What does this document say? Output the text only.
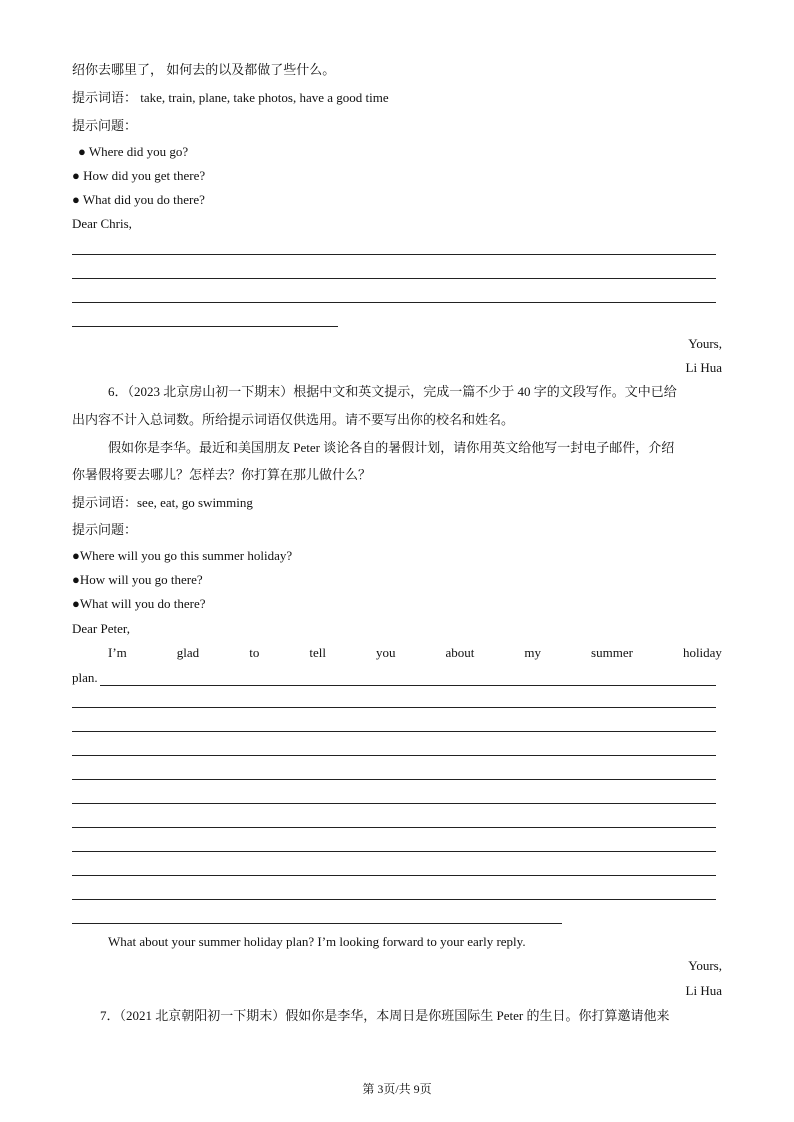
绍你去哪里了， 如何去的以及都做了些什么。
提示词语： take, train, plane, take photos, have a good time
提示问题：
● Where did you go?
● How did you get there?
● What did you do there?
Dear Chris,
Yours,
Li Hua
6．（2023 北京房山初一下期末）根据中文和英文提示，完成一篇不少于 40 字的文段写作。文中已给
出内容不计入总词数。所给提示词语仅供选用。请不要写出你的校名和姓名。
假如你是李华。最近和美国朋友 Peter 谈论各自的暑假计划，请你用英文给他写一封电子邮件，介绍
你暑假将要去哪儿？怎样去？你打算在那儿做什么？
提示词语：see, eat, go swimming
提示问题：
●Where will you go this summer holiday?
●How will you go there?
●What will you do there?
Dear Peter,
I’m	glad	to	tell	you	about	my	summer	holiday
plan.
What about your summer holiday plan? I’m looking forward to your early reply.
Yours,
Li Hua
7．（2021 北京朝阳初一下期末）假如你是李华，本周日是你班国际生 Peter 的生日。你打算邀请他来
第 3页/共 9页
